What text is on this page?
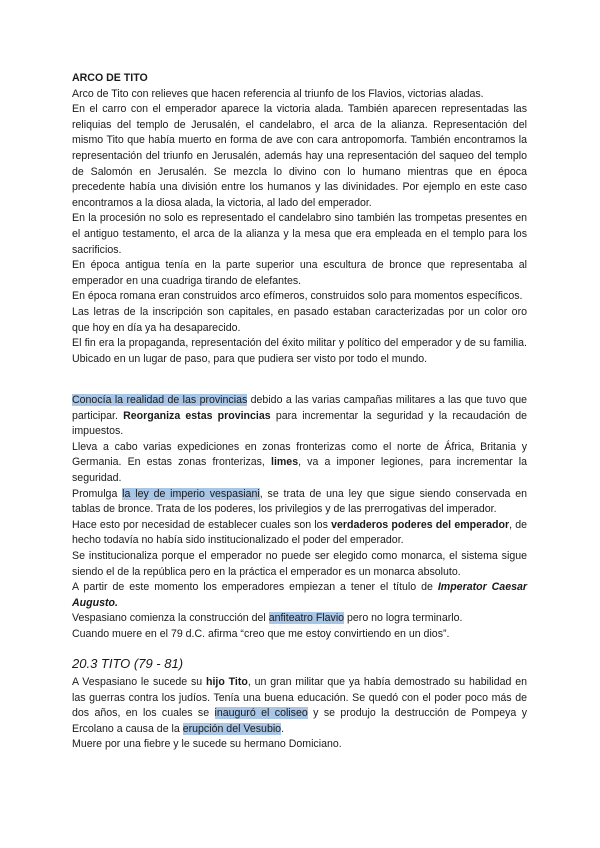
ARCO DE TITO

Arco de Tito con relieves que hacen referencia al triunfo de los Flavios, victorias aladas.

En el carro con el emperador aparece la victoria alada. También aparecen representadas las reliquias del templo de Jerusalén, el candelabro, el arca de la alianza. Representación del mismo Tito que había muerto en forma de ave con cara antropomorfa. También encontramos la representación del triunfo en Jerusalén, además hay una representación del saqueo del templo de Salomón en Jerusalén. Se mezcla lo divino con lo humano mientras que en época precedente había una división entre los humanos y las divinidades. Por ejemplo en este caso encontramos a la diosa alada, la victoria, al lado del emperador.

En la procesión no solo es representado el candelabro sino también las trompetas presentes en el antiguo testamento, el arca de la alianza y la mesa que era empleada en el templo para los sacrificios.

En época antigua tenía en la parte superior una escultura de bronce que representaba al emperador en una cuadriga tirando de elefantes.

En época romana eran construidos arco efímeros, construidos solo para momentos específicos.

Las letras de la inscripción son capitales, en pasado estaban caracterizadas por un color oro que hoy en día ya ha desaparecido.

El fin era la propaganda, representación del éxito militar y político del emperador y de su familia. Ubicado en un lugar de paso, para que pudiera ser visto por todo el mundo.

Conocía la realidad de las provincias debido a las varias campañas militares a las que tuvo que participar. Reorganiza estas provincias para incrementar la seguridad y la recaudación de impuestos.

Lleva a cabo varias expediciones en zonas fronterizas como el norte de África, Britania y Germania. En estas zonas fronterizas, limes, va a imponer legiones, para incrementar la seguridad.

Promulga la ley de imperio vespasiani, se trata de una ley que sigue siendo conservada en tablas de bronce. Trata de los poderes, los privilegios y de las prerrogativas del imperador.

Hace esto por necesidad de establecer cuales son los verdaderos poderes del emperador, de hecho todavía no había sido institucionalizado el poder del emperador.

Se institucionaliza porque el emperador no puede ser elegido como monarca, el sistema sigue siendo el de la república pero en la práctica el emperador es un monarca absoluto.

A partir de este momento los emperadores empiezan a tener el título de Imperator Caesar Augusto.

Vespasiano comienza la construcción del anfiteatro Flavio pero no logra terminarlo.

Cuando muere en el 79 d.C. afirma “creo que me estoy convirtiendo en un dios”.

20.3 TITO (79 - 81)

A Vespasiano le sucede su hijo Tito, un gran militar que ya había demostrado su habilidad en las guerras contra los judíos. Tenía una buena educación. Se quedó con el poder poco más de dos años, en los cuales se inauguró el coliseo y se produjo la destrucción de Pompeya y Ercolano a causa de la erupción del Vesubio.

Muere por una fiebre y le sucede su hermano Domiciano.
